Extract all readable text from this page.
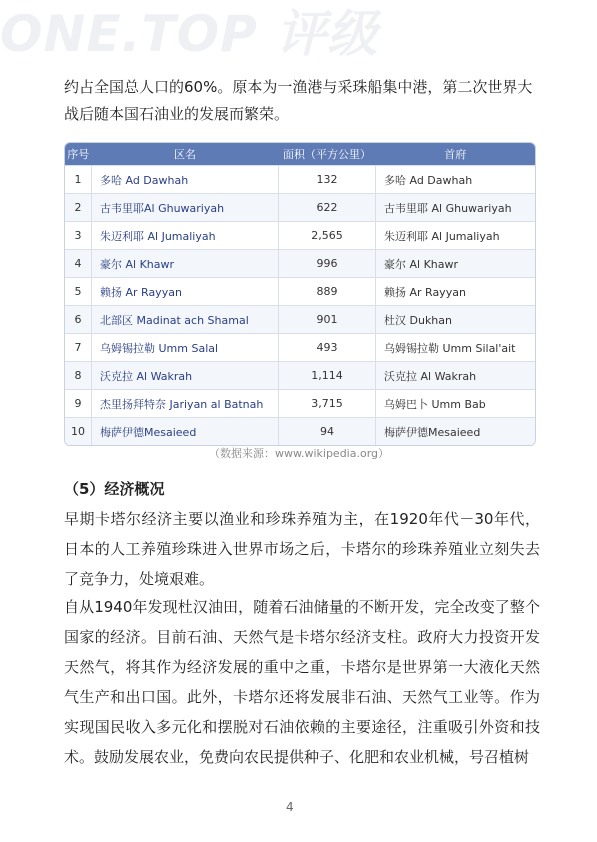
ONE.TOP 评级
约占全国总人口的60%。原本为一渔港与采珠船集中港，第二次世界大战后随本国石油业的发展而繁荣。
序号	区名	面积（平方公里）	首府
1	多哈 Ad Dawhah	132	多哈 Ad Dawhah
2	古韦里耶Al Ghuwariyah	622	古韦里耶 Al Ghuwariyah
3	朱迈利耶 Al Jumaliyah	2,565	朱迈利耶 Al Jumaliyah
4	豪尔 Al Khawr	996	豪尔 Al Khawr
5	赖扬 Ar Rayyan	889	赖扬 Ar Rayyan
6	北部区 Madinat ach Shamal	901	杜汉 Dukhan
7	乌姆锡拉勒 Umm Salal	493	乌姆锡拉勒 Umm Silal'ait
8	沃克拉 Al Wakrah	1,114	沃克拉 Al Wakrah
9	杰里扬拜特奈 Jariyan al Batnah	3,715	乌姆巴卜 Umm Bab
10	梅萨伊德Mesaieed	94	梅萨伊德Mesaieed
（数据来源：www.wikipedia.org）
（5）经济概况
早期卡塔尔经济主要以渔业和珍珠养殖为主，在1920年代－30年代，日本的人工养殖珍珠进入世界市场之后，卡塔尔的珍珠养殖业立刻失去了竞争力，处境艰难。
自从1940年发现杜汉油田，随着石油储量的不断开发，完全改变了整个国家的经济。目前石油、天然气是卡塔尔经济支柱。政府大力投资开发天然气，将其作为经济发展的重中之重，卡塔尔是世界第一大液化天然气生产和出口国。此外，卡塔尔还将发展非石油、天然气工业等。作为实现国民收入多元化和摆脱对石油依赖的主要途径，注重吸引外资和技术。鼓励发展农业，免费向农民提供种子、化肥和农业机械，号召植树
4
